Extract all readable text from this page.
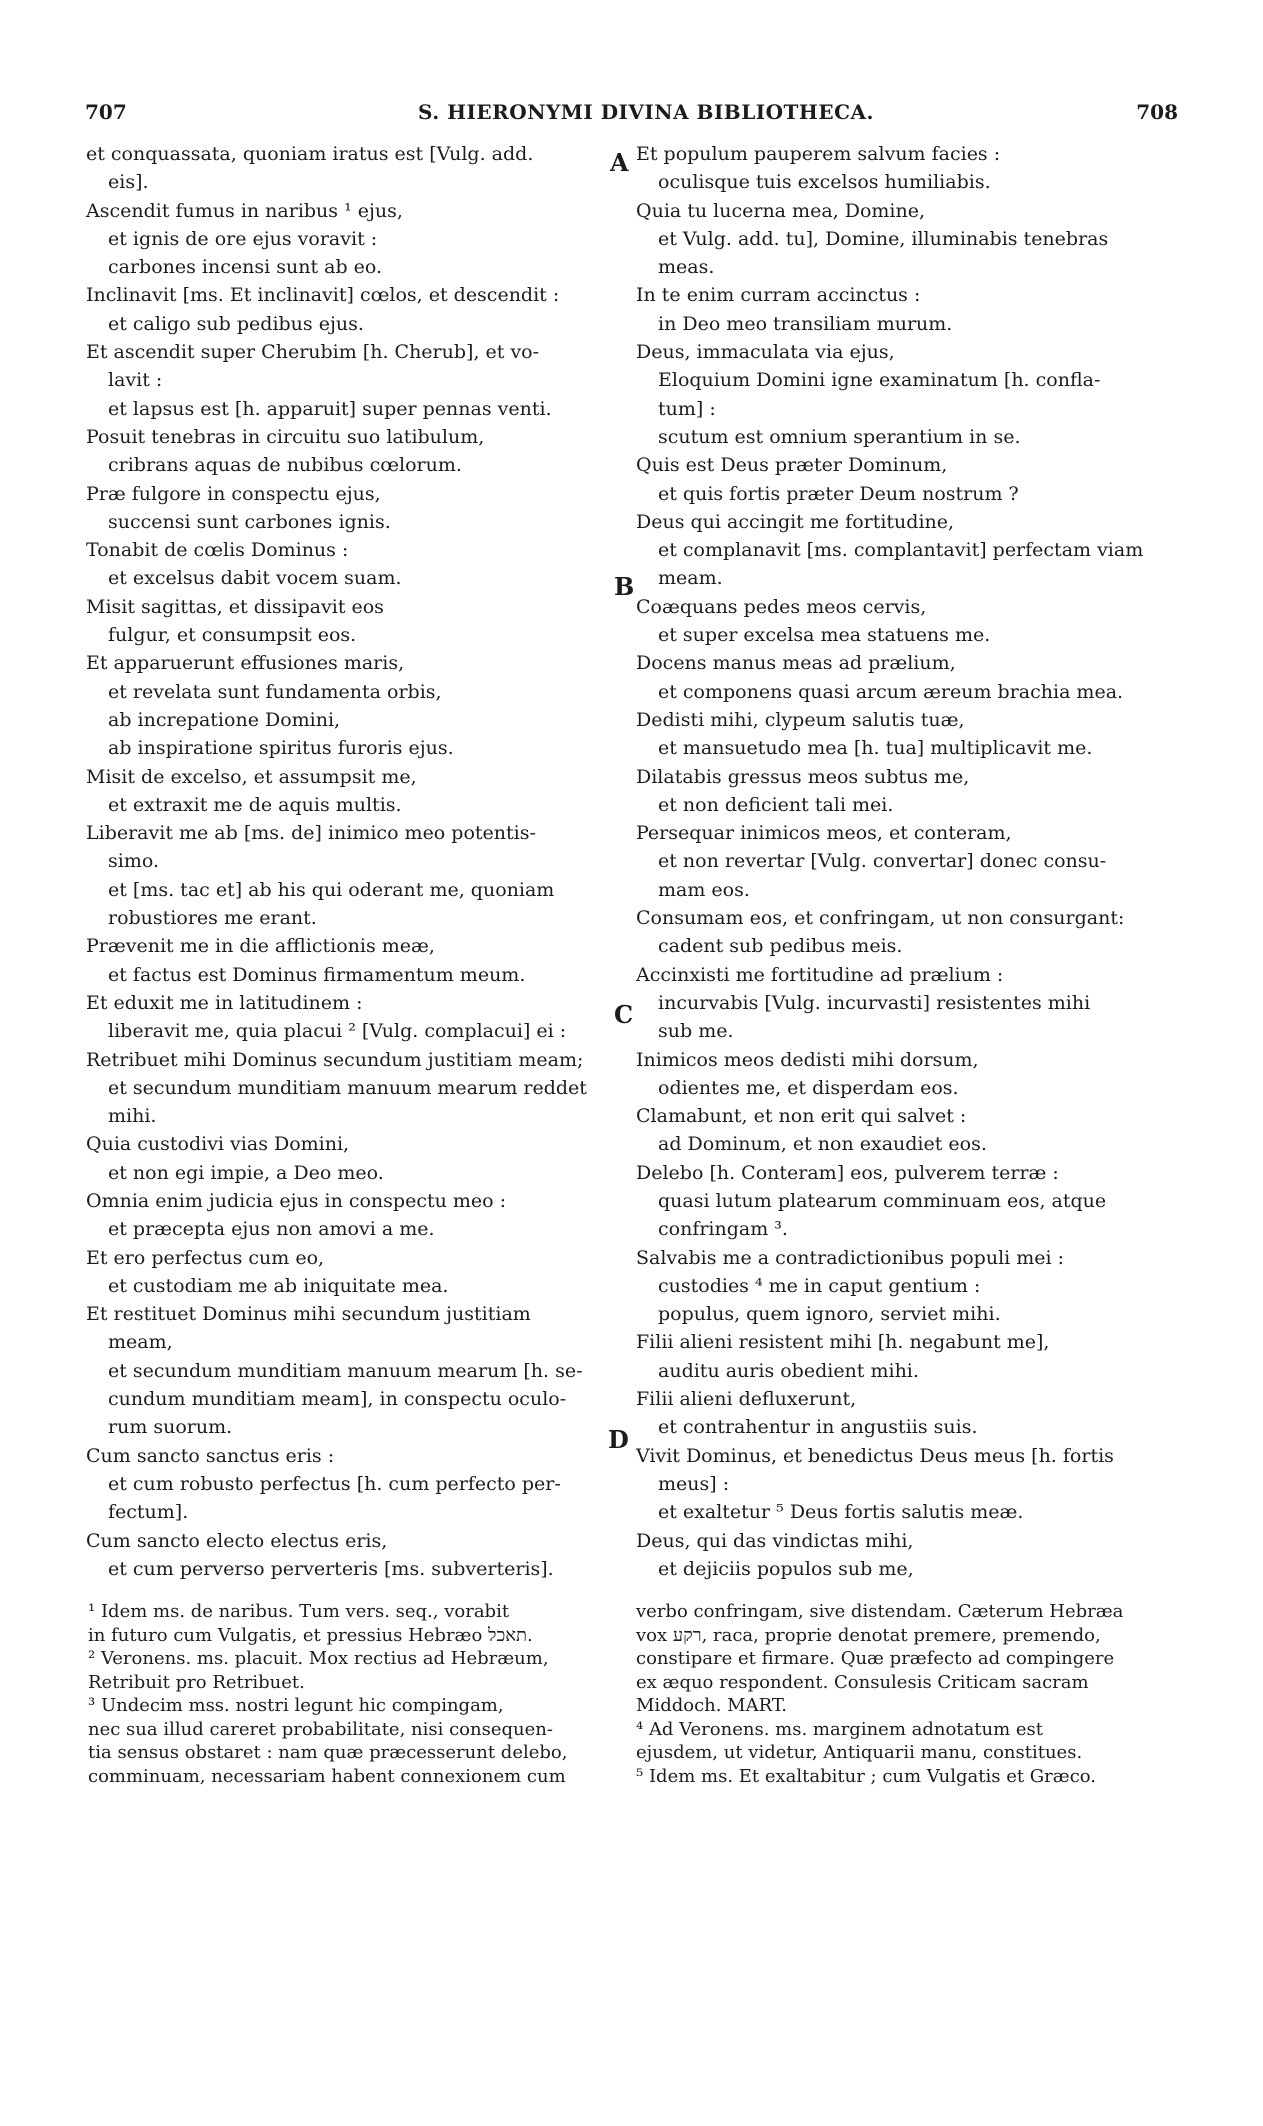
707	S. HIERONYMI DIVINA BIBLIOTHECA.	708
A
B
C
D
et conquassata, quoniam iratus est [Vulg. add.
eis].
Ascendit fumus in naribus ¹ ejus,
et ignis de ore ejus voravit :
carbones incensi sunt ab eo.
Inclinavit [ms. Et inclinavit] cœlos, et descendit :
et caligo sub pedibus ejus.
Et ascendit super Cherubim [h. Cherub], et vo-
lavit :
et lapsus est [h. apparuit] super pennas venti.
Posuit tenebras in circuitu suo latibulum,
cribrans aquas de nubibus cœlorum.
Præ fulgore in conspectu ejus,
succensi sunt carbones ignis.
Tonabit de cœlis Dominus :
et excelsus dabit vocem suam.
Misit sagittas, et dissipavit eos
fulgur, et consumpsit eos.
Et apparuerunt effusiones maris,
et revelata sunt fundamenta orbis,
ab increpatione Domini,
ab inspiratione spiritus furoris ejus.
Misit de excelso, et assumpsit me,
et extraxit me de aquis multis.
Liberavit me ab [ms. de] inimico meo potentis-
simo.
et [ms. tac et] ab his qui oderant me, quoniam
robustiores me erant.
Prævenit me in die afflictionis meæ,
et factus est Dominus firmamentum meum.
Et eduxit me in latitudinem :
liberavit me, quia placui ² [Vulg. complacui] ei :
Retribuet mihi Dominus secundum justitiam meam;
et secundum munditiam manuum mearum reddet
mihi.
Quia custodivi vias Domini,
et non egi impie, a Deo meo.
Omnia enim judicia ejus in conspectu meo :
et præcepta ejus non amovi a me.
Et ero perfectus cum eo,
et custodiam me ab iniquitate mea.
Et restituet Dominus mihi secundum justitiam
meam,
et secundum munditiam manuum mearum [h. se-
cundum munditiam meam], in conspectu oculo-
rum suorum.
Cum sancto sanctus eris :
et cum robusto perfectus [h. cum perfecto per-
fectum].
Cum sancto electo electus eris,
et cum perverso perverteris [ms. subverteris].
Et populum pauperem salvum facies :
oculisque tuis excelsos humiliabis.
Quia tu lucerna mea, Domine,
et Vulg. add. tu], Domine, illuminabis tenebras
meas.
In te enim curram accinctus :
in Deo meo transiliam murum.
Deus, immaculata via ejus,
Eloquium Domini igne examinatum [h. confla-
tum] :
scutum est omnium sperantium in se.
Quis est Deus præter Dominum,
et quis fortis præter Deum nostrum ?
Deus qui accingit me fortitudine,
et complanavit [ms. complantavit] perfectam viam
meam.
Coæquans pedes meos cervis,
et super excelsa mea statuens me.
Docens manus meas ad prælium,
et componens quasi arcum æreum brachia mea.
Dedisti mihi, clypeum salutis tuæ,
et mansuetudo mea [h. tua] multiplicavit me.
Dilatabis gressus meos subtus me,
et non deficient tali mei.
Persequar inimicos meos, et conteram,
et non revertar [Vulg. convertar] donec consu-
mam eos.
Consumam eos, et confringam, ut non consurgant:
cadent sub pedibus meis.
Accinxisti me fortitudine ad prælium :
incurvabis [Vulg. incurvasti] resistentes mihi
sub me.
Inimicos meos dedisti mihi dorsum,
odientes me, et disperdam eos.
Clamabunt, et non erit qui salvet :
ad Dominum, et non exaudiet eos.
Delebo [h. Conteram] eos, pulverem terræ :
quasi lutum platearum comminuam eos, atque
confringam ³.
Salvabis me a contradictionibus populi mei :
custodies ⁴ me in caput gentium :
populus, quem ignoro, serviet mihi.
Filii alieni resistent mihi [h. negabunt me],
auditu auris obedient mihi.
Filii alieni defluxerunt,
et contrahentur in angustiis suis.
Vivit Dominus, et benedictus Deus meus [h. fortis
meus] :
et exaltetur ⁵ Deus fortis salutis meæ.
Deus, qui das vindictas mihi,
et dejiciis populos sub me,
¹ Idem ms. de naribus. Tum vers. seq., vorabit
in futuro cum Vulgatis, et pressius Hebræo תאכל.
² Veronens. ms. placuit. Mox rectius ad Hebræum,
Retribuit pro Retribuet.
³ Undecim mss. nostri legunt hic compingam,
nec sua illud careret probabilitate, nisi consequen-
tia sensus obstaret : nam quæ præcesserunt delebo,
comminuam, necessariam habent connexionem cum
verbo confringam, sive distendam. Cæterum Hebræa
vox רקע, raca, proprie denotat premere, premendo,
constipare et firmare. Quæ præfecto ad compingere
ex æquo respondent. Consulesis Criticam sacram
Middoch. MART.
⁴ Ad Veronens. ms. marginem adnotatum est
ejusdem, ut videtur, Antiquarii manu, constitues.
⁵ Idem ms. Et exaltabitur ; cum Vulgatis et Græco.
